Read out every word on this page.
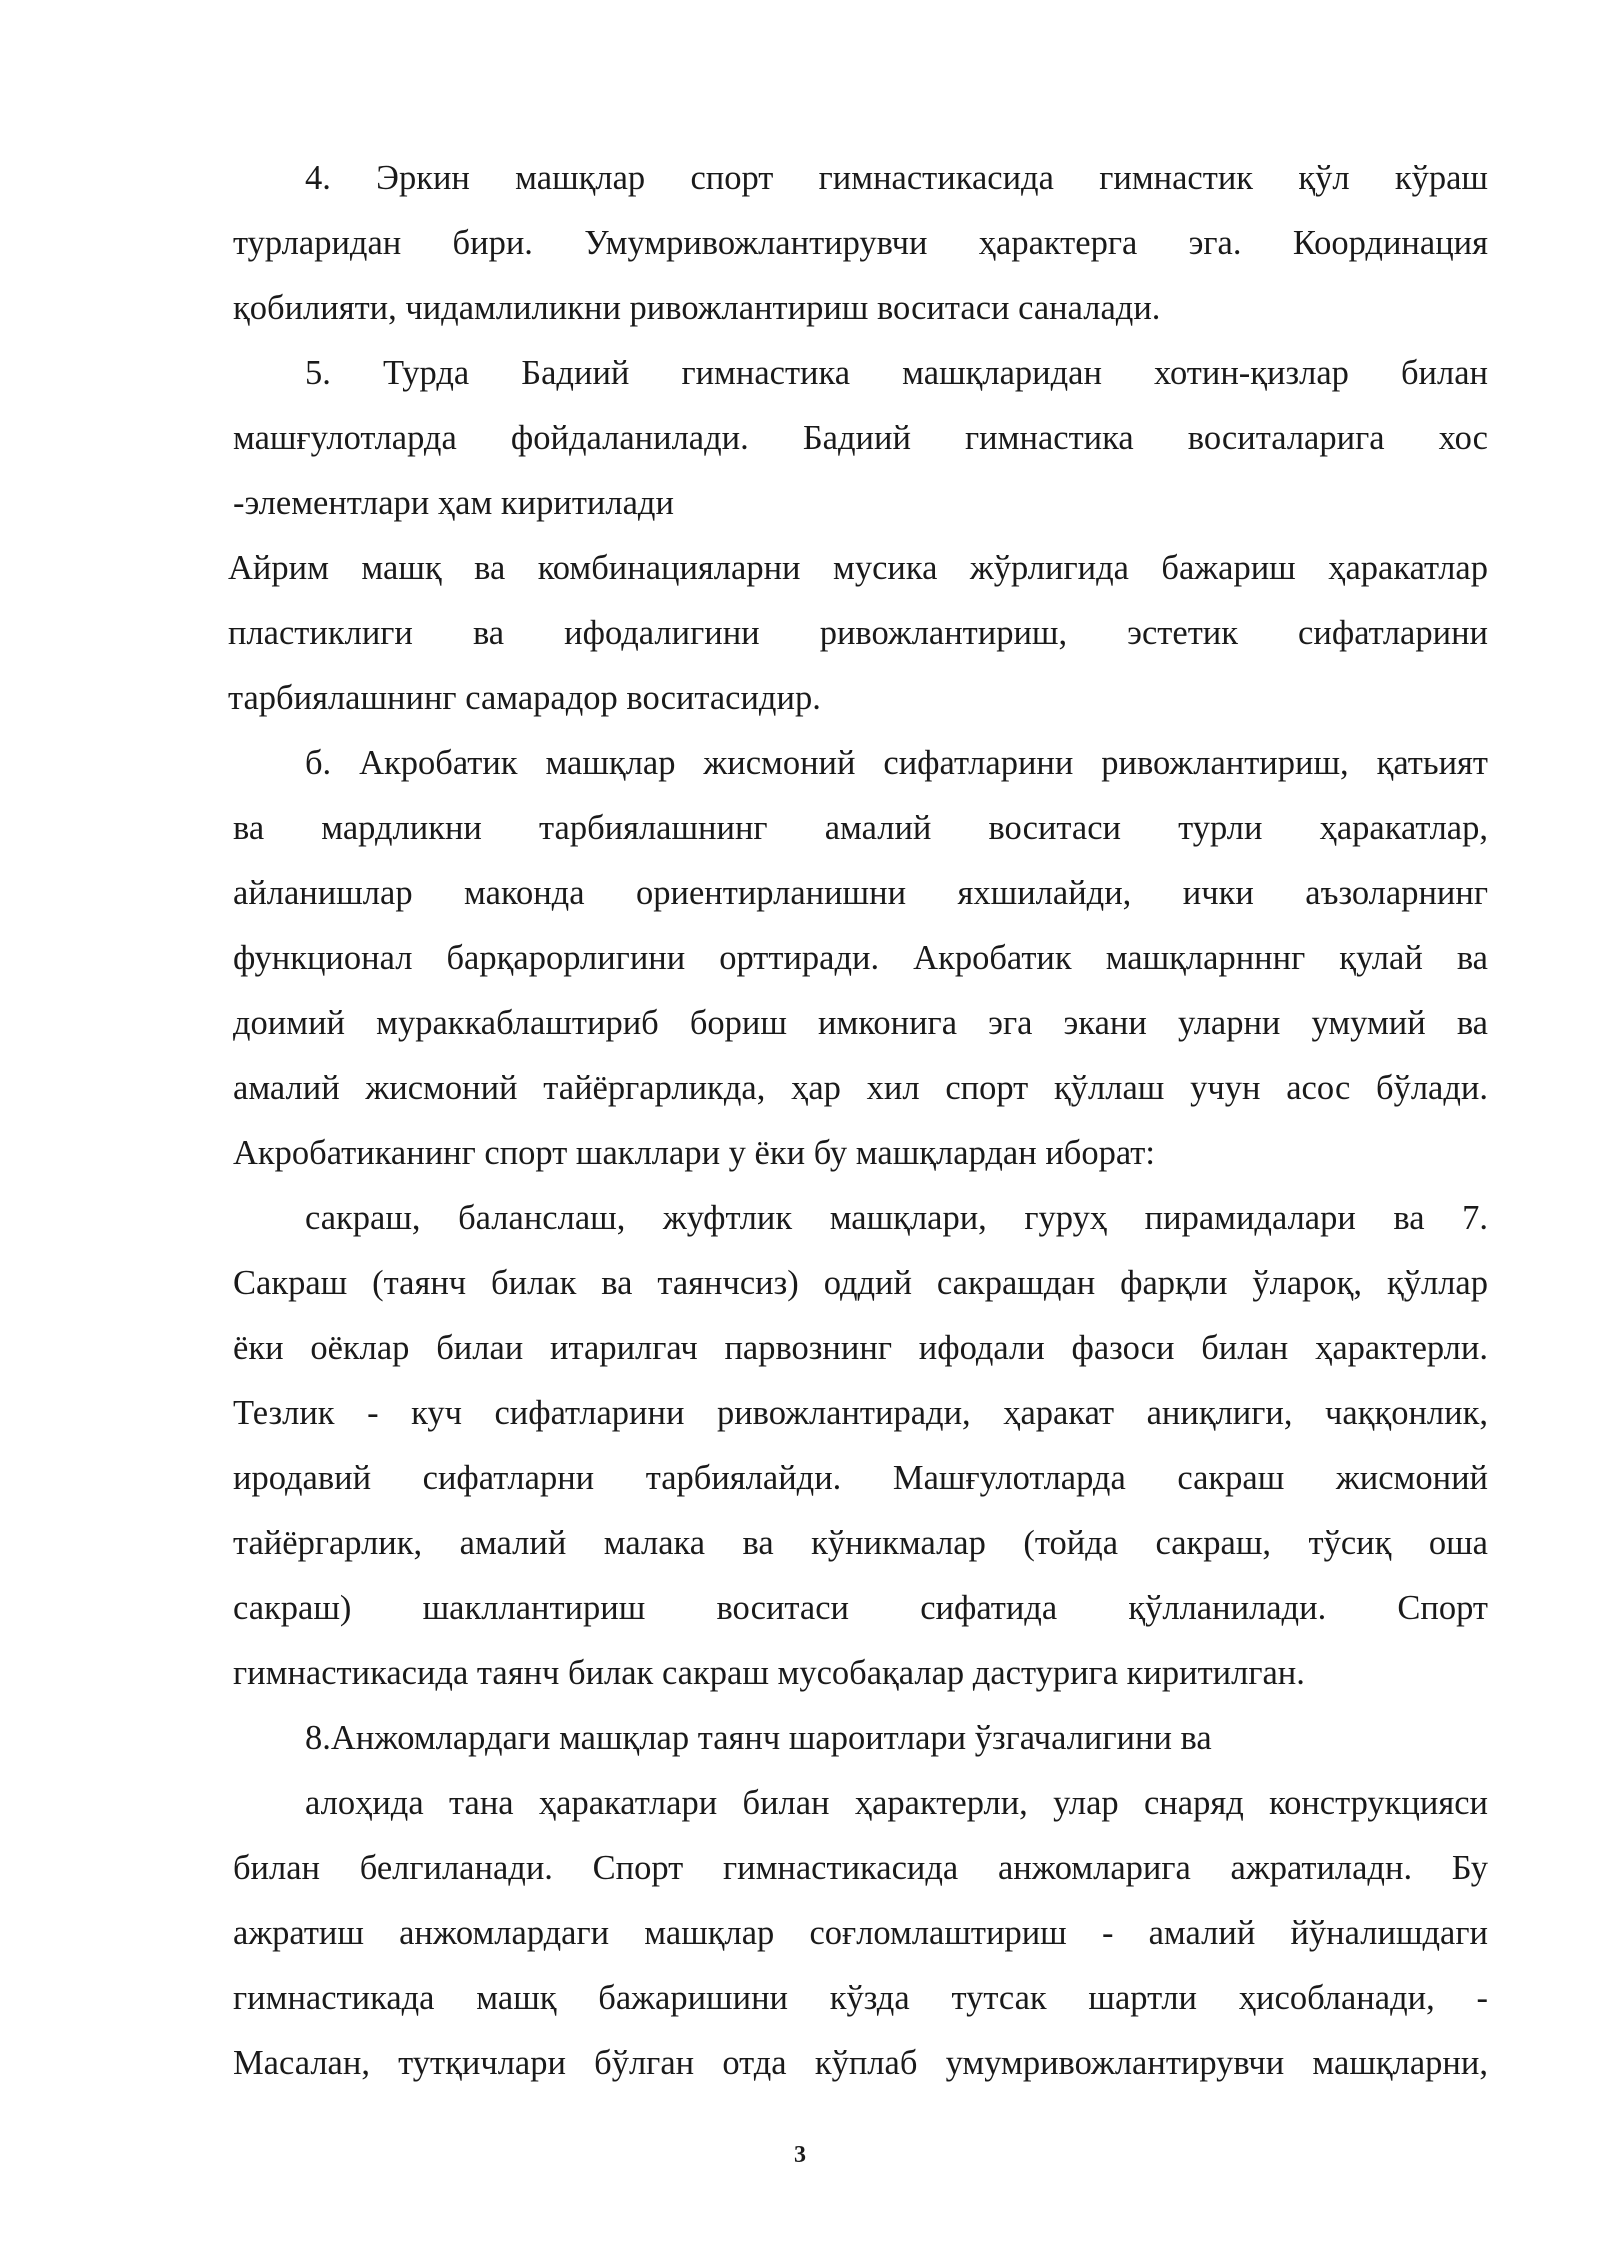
4. Эркин машқлар спорт гимнастикасида гимнастик қўл кўраш
турларидан бири. Умумривожлантирувчи ҳарактерга эга. Координация
қобилияти, чидамлиликни ривожлантириш воситаси саналади.
5. Турда Бадиий гимнастика машқларидан хотин-қизлар билан
машғулотларда фойдаланилади. Бадиий гимнастика воситаларига хос
-элементлари ҳам киритилади
Айрим машқ ва комбинацияларни мусика жўрлигида бажариш ҳаракатлар
пластиклиги ва ифодалигини ривожлантириш, эстетик сифатларини
тарбиялашнинг самарадор воситасидир.
б. Акробатик машқлар жисмоний сифатларини ривожлантириш, қатьият
ва мардликни тарбиялашнинг амалий воситаси турли ҳаракатлар,
айланишлар маконда ориентирланишни яхшилайди, ички аъзоларнинг
функционал барқарорлигини орттиради. Акробатик машқларнннг қулай ва
доимий мураккаблаштириб бориш имконига эга экани уларни умумий ва
амалий жисмоний тайёргарликда, ҳар хил спорт қўллаш учун асос бўлади.
Акробатиканинг спорт шакллари у ёки бу машқлардан иборат:
сакраш, баланслаш, жуфтлик машқлари, гуруҳ пирамидалари ва 7.
Сакраш (таянч билак ва таянчсиз) оддий сакрашдан фарқли ўлароқ, қўллар
ёки оёклар билаи итарилгач парвознинг ифодали фазоси билан ҳарактерли.
Тезлик - куч сифатларини ривожлантиради, ҳаракат аниқлиги, чаққонлик,
иродавий сифатларни тарбиялайди. Машғулотларда сакраш жисмоний
тайёргарлик, амалий малака ва кўникмалар (тойда сакраш, тўсиқ оша
сакраш) шакллантириш воситаси сифатида қўлланилади. Спорт
гимнастикасида таянч билак сакраш мусобақалар дастурига киритилган.
8.Анжомлардаги машқлар таянч шароитлари ўзгачалигини ва
алоҳида тана ҳаракатлари билан ҳарактерли, улар снаряд конструкцияси
билан белгиланади. Спорт гимнастикасида анжомларига ажратиладн. Бу
ажратиш анжомлардаги машқлар соғломлаштириш - амалий йўналишдаги
гимнастикада машқ бажаришини кўзда тутсак шартли ҳисобланади, -
Масалан, тутқичлари бўлган отда кўплаб умумривожлантирувчи машқларни,
3
